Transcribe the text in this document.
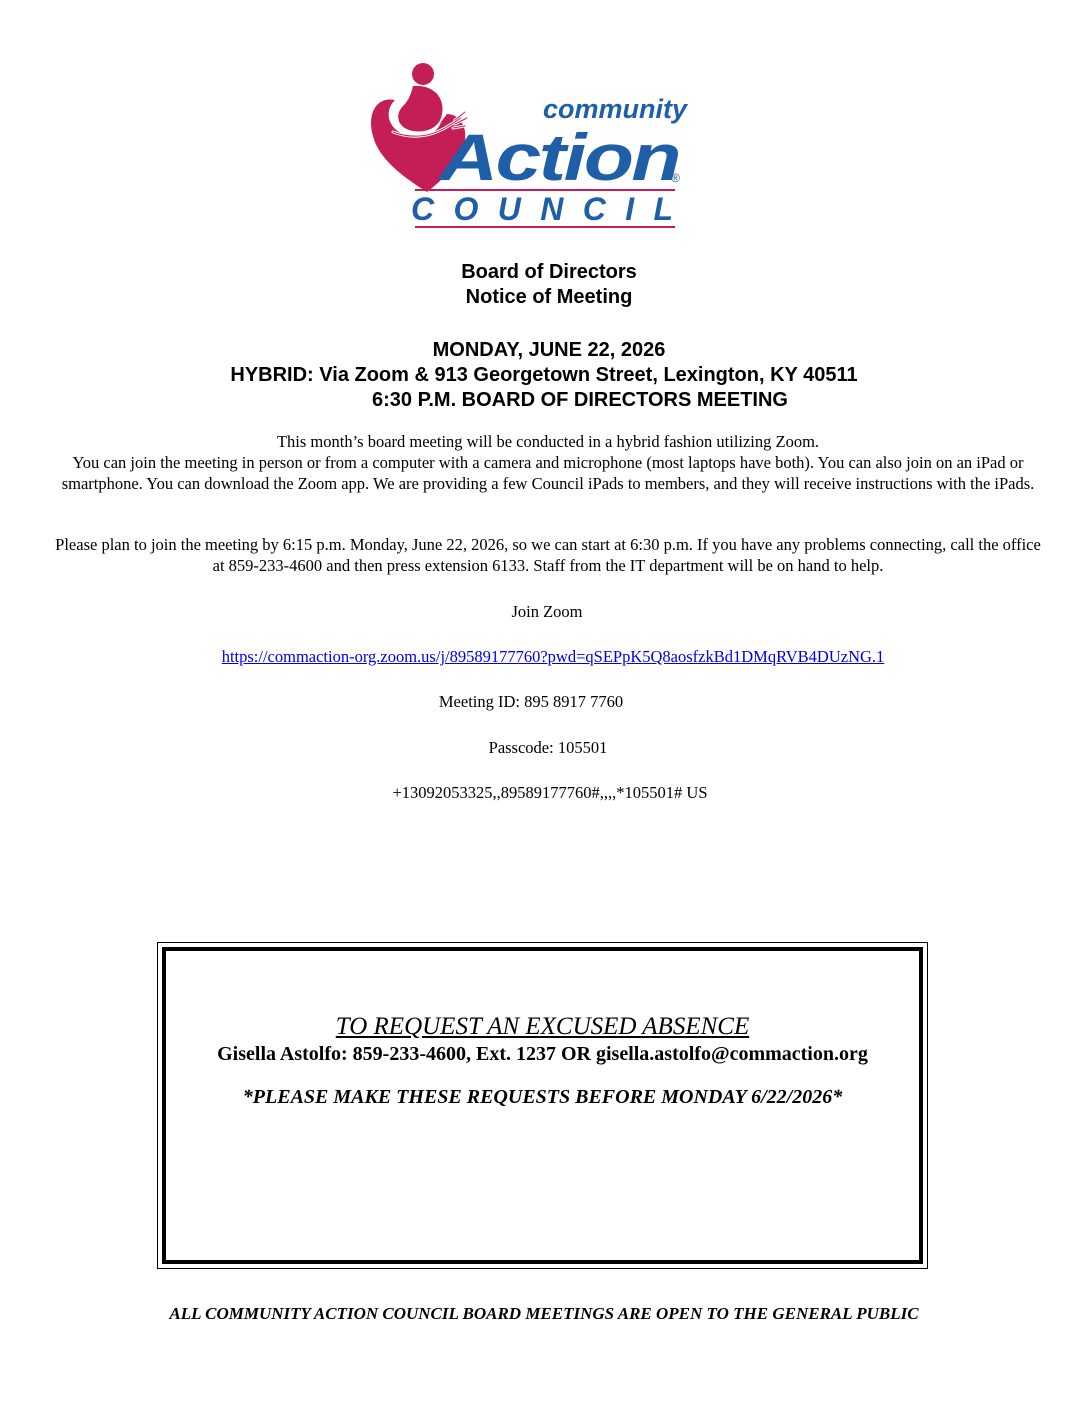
community
Action
®
COUNCIL

Board of Directors

Notice of Meeting

MONDAY, JUNE 22, 2026

HYBRID: Via Zoom & 913 Georgetown Street, Lexington, KY 40511

6:30 P.M. BOARD OF DIRECTORS MEETING

This month’s board meeting will be conducted in a hybrid fashion utilizing Zoom.
You can join the meeting in person or from a computer with a camera and microphone (most laptops have both). You can also join on an iPad or smartphone. You can download the Zoom app. We are providing a few Council iPads to members, and they will receive instructions with the iPads.

Please plan to join the meeting by 6:15 p.m. Monday, June 22, 2026, so we can start at 6:30 p.m. If you have any problems connecting, call the office at 859-233-4600 and then press extension 6133. Staff from the IT department will be on hand to help.

Join Zoom

https://commaction-org.zoom.us/j/89589177760?pwd=qSEPpK5Q8aosfzkBd1DMqRVB4DUzNG.1

Meeting ID: 895 8917 7760

Passcode: 105501

+13092053325,,89589177760#,,,,*105501# US

TO REQUEST AN EXCUSED ABSENCE

Gisella Astolfo: 859-233-4600, Ext. 1237 OR gisella.astolfo@commaction.org

*PLEASE MAKE THESE REQUESTS BEFORE MONDAY 6/22/2026*

ALL COMMUNITY ACTION COUNCIL BOARD MEETINGS ARE OPEN TO THE GENERAL PUBLIC
